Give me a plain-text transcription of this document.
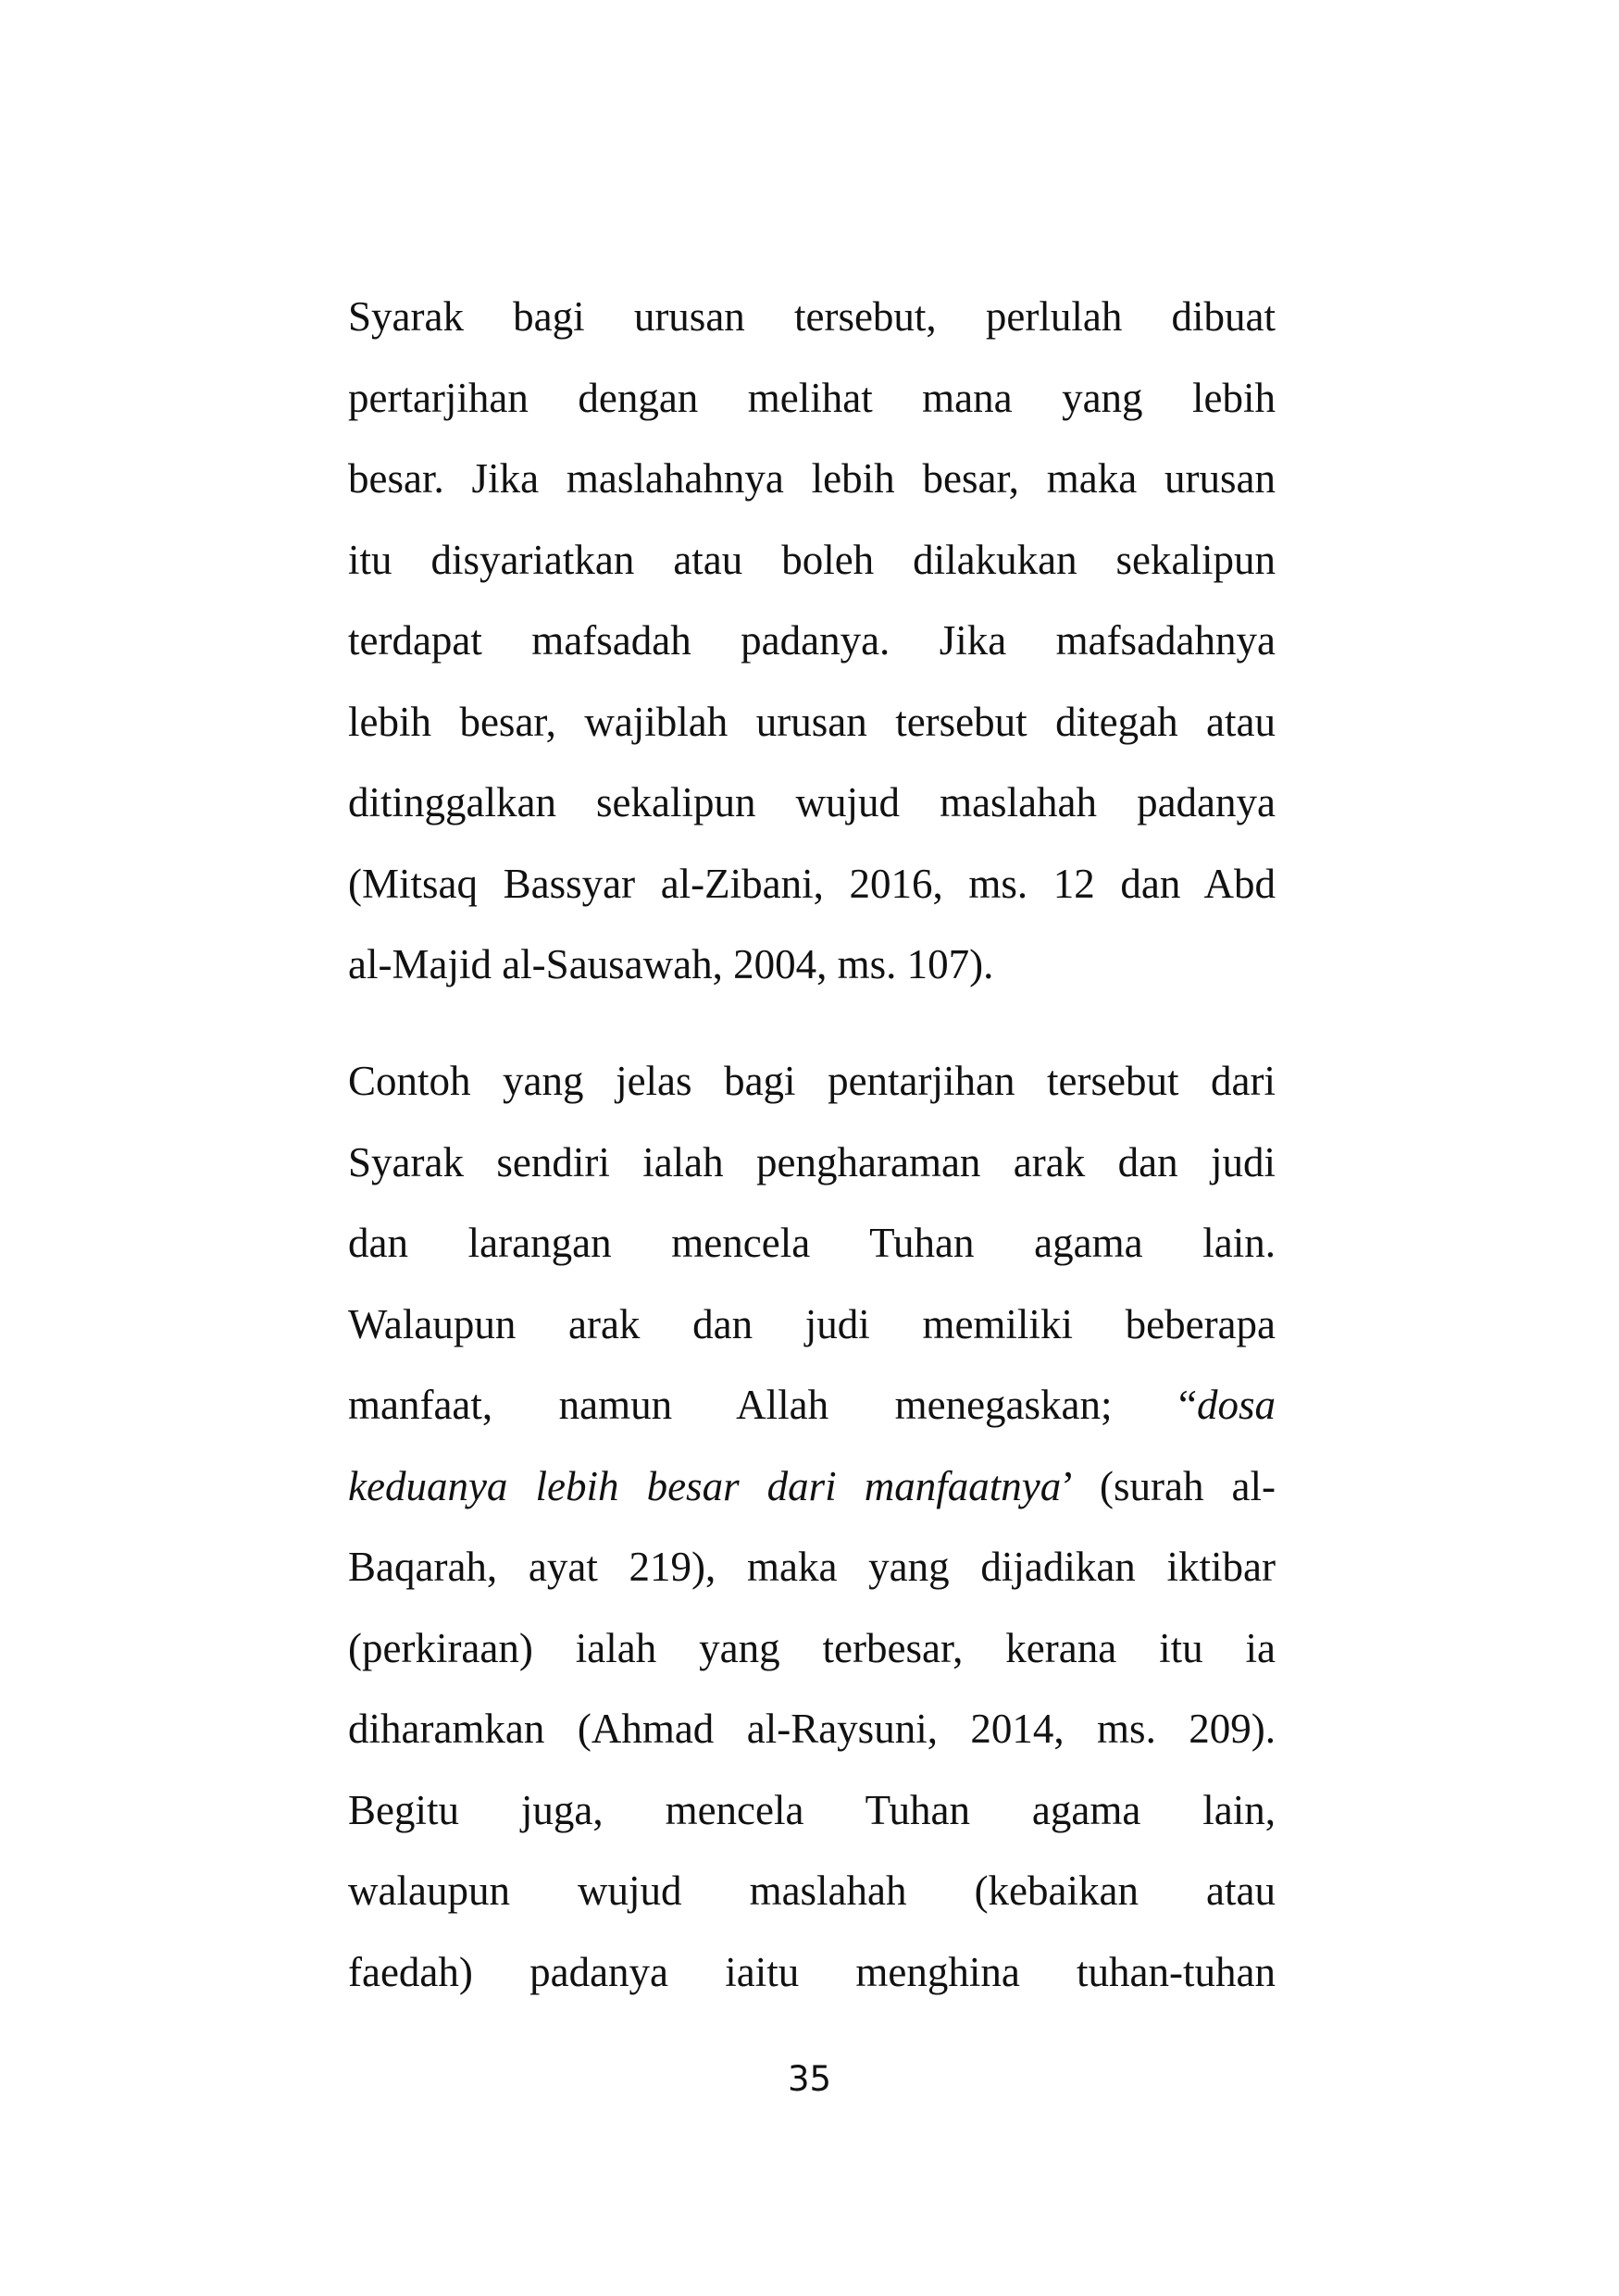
Syarak bagi urusan tersebut, perlulah dibuat
pertarjihan dengan melihat mana yang lebih
besar. Jika maslahahnya lebih besar, maka urusan
itu disyariatkan atau boleh dilakukan sekalipun
terdapat mafsadah padanya. Jika mafsadahnya
lebih besar, wajiblah urusan tersebut ditegah atau
ditinggalkan sekalipun wujud maslahah padanya
(Mitsaq Bassyar al-Zibani, 2016, ms. 12 dan Abd
al-Majid al-Sausawah, 2004, ms. 107).
Contoh yang jelas bagi pentarjihan tersebut dari
Syarak sendiri ialah pengharaman arak dan judi
dan larangan mencela Tuhan agama lain.
Walaupun arak dan judi memiliki beberapa
manfaat, namun Allah menegaskan; “dosa
keduanya lebih besar dari manfaatnya’ (surah al-
Baqarah, ayat 219), maka yang dijadikan iktibar
(perkiraan) ialah yang terbesar, kerana itu ia
diharamkan (Ahmad al-Raysuni, 2014, ms. 209).
Begitu juga, mencela Tuhan agama lain,
walaupun wujud maslahah (kebaikan atau
faedah) padanya iaitu menghina tuhan-tuhan
35
